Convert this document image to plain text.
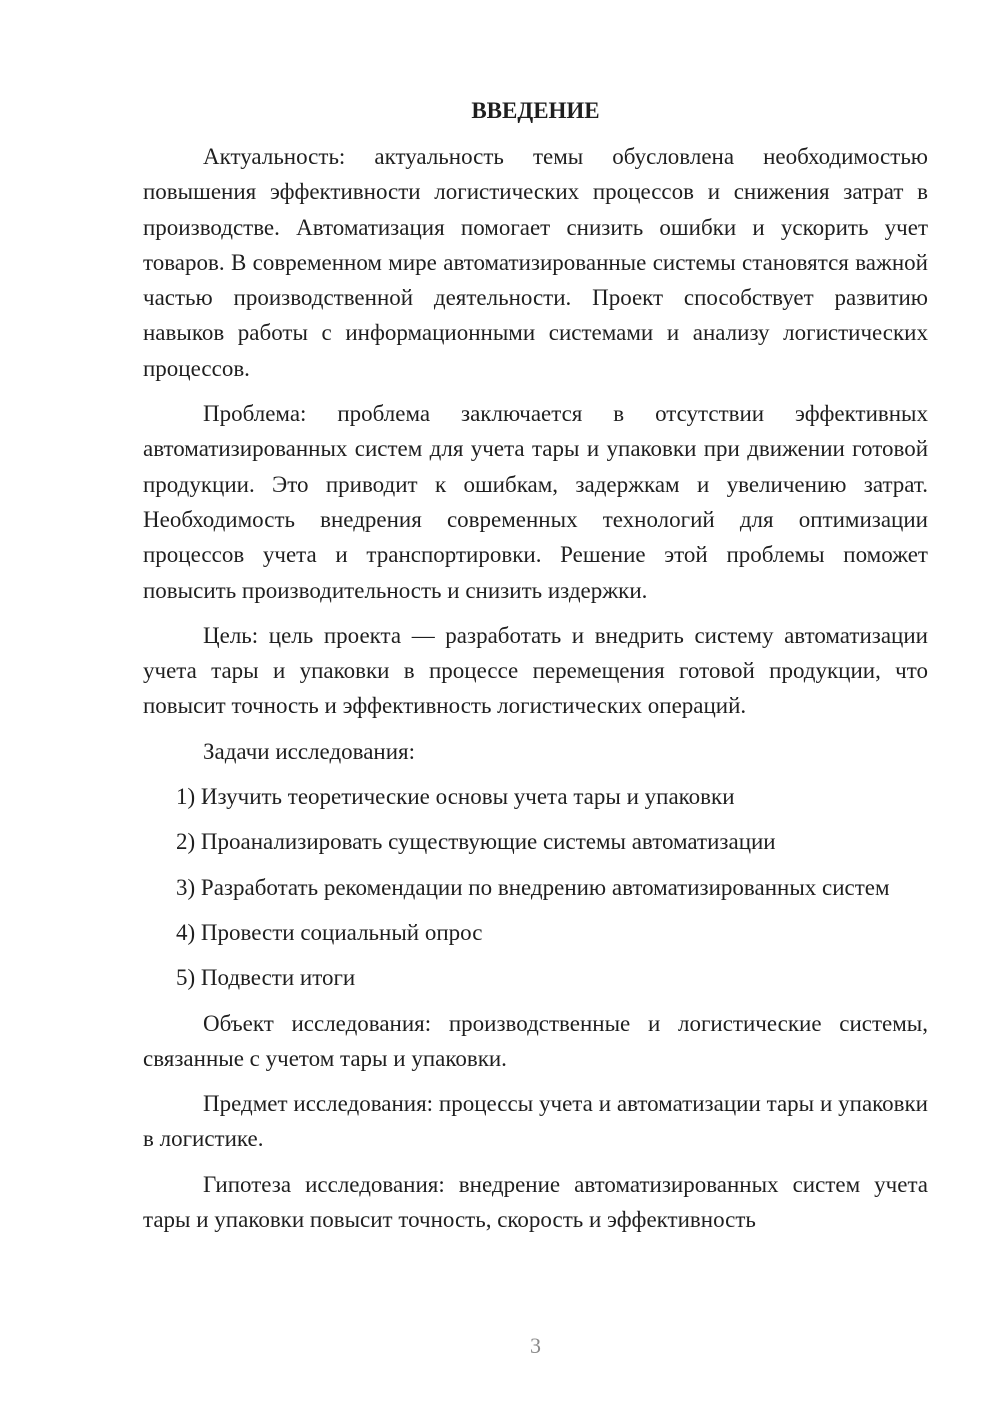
ВВЕДЕНИЕ

Актуальность: актуальность темы обусловлена необходимостью повышения эффективности логистических процессов и снижения затрат в производстве. Автоматизация помогает снизить ошибки и ускорить учет товаров. В современном мире автоматизированные системы становятся важной частью производственной деятельности. Проект способствует развитию навыков работы с информационными системами и анализу логистических процессов.

Проблема: проблема заключается в отсутствии эффективных автоматизированных систем для учета тары и упаковки при движении готовой продукции. Это приводит к ошибкам, задержкам и увеличению затрат. Необходимость внедрения современных технологий для оптимизации процессов учета и транспортировки. Решение этой проблемы поможет повысить производительность и снизить издержки.

Цель: цель проекта — разработать и внедрить систему автоматизации учета тары и упаковки в процессе перемещения готовой продукции, что повысит точность и эффективность логистических операций.

Задачи исследования:

1) Изучить теоретические основы учета тары и упаковки

2) Проанализировать существующие системы автоматизации

3) Разработать рекомендации по внедрению автоматизированных систем

4) Провести социальный опрос

5) Подвести итоги

Объект исследования: производственные и логистические системы, связанные с учетом тары и упаковки.

Предмет исследования: процессы учета и автоматизации тары и упаковки в логистике.

Гипотеза исследования: внедрение автоматизированных систем учета тары и упаковки повысит точность, скорость и эффективность

3
